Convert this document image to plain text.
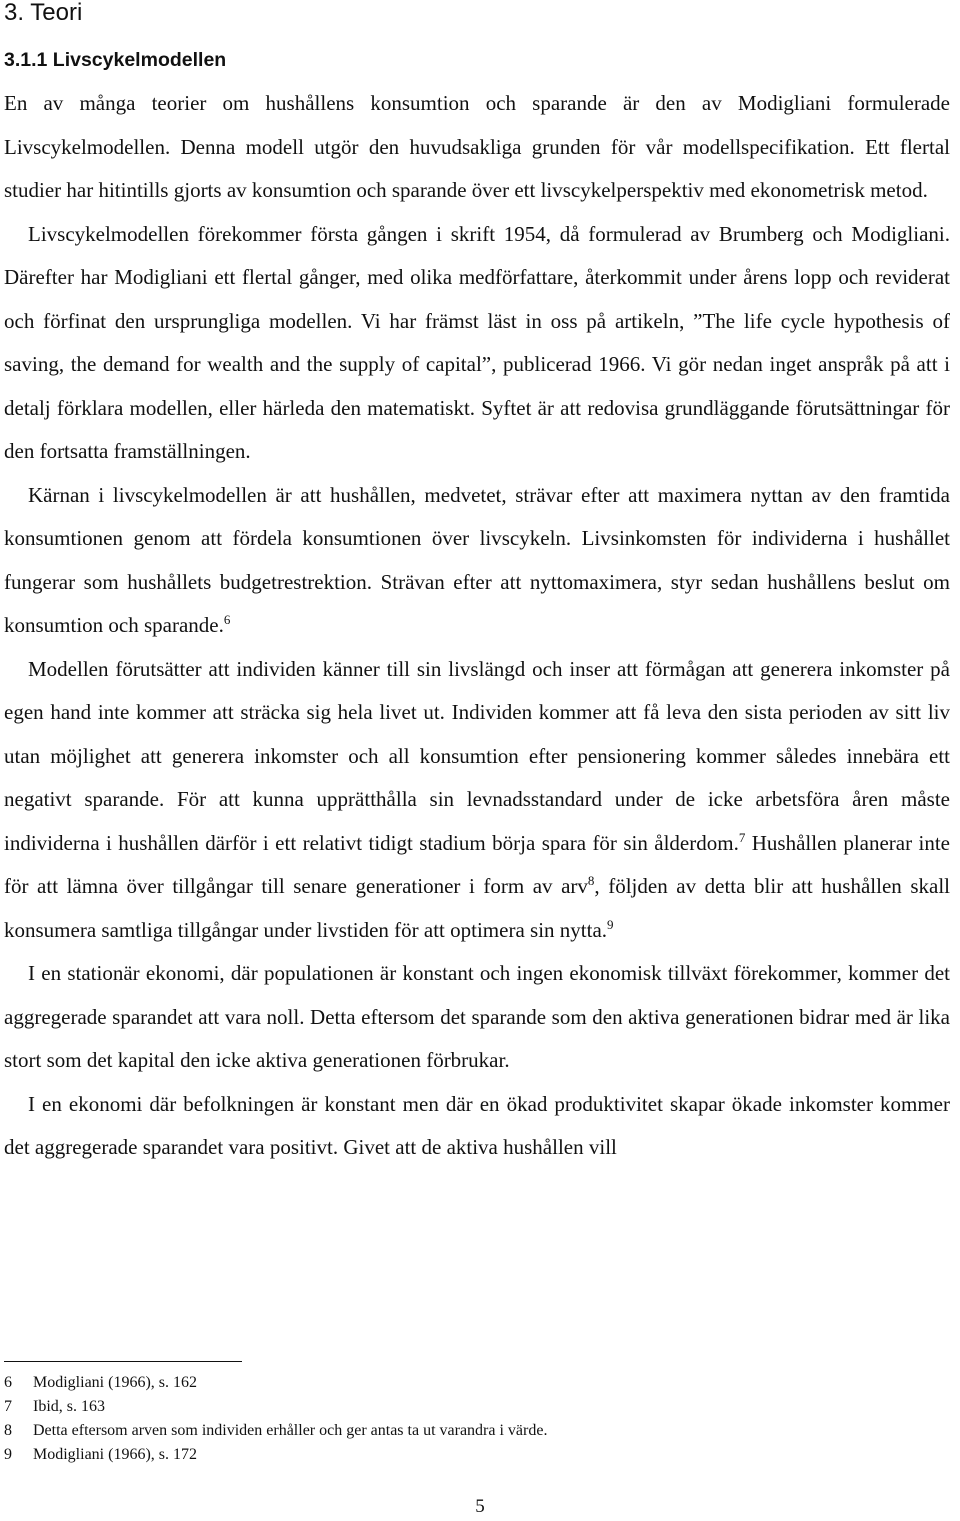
3. Teori
3.1.1 Livscykelmodellen

En av många teorier om hushållens konsumtion och sparande är den av Modigliani formulerade Livscykelmodellen. Denna modell utgör den huvudsakliga grunden för vår modellspecifikation. Ett flertal studier har hitintills gjorts av konsumtion och sparande över ett livscykelperspektiv med ekonometrisk metod.

Livscykelmodellen förekommer första gången i skrift 1954, då formulerad av Brumberg och Modigliani. Därefter har Modigliani ett flertal gånger, med olika medförfattare, återkommit under årens lopp och reviderat och förfinat den ursprungliga modellen. Vi har främst läst in oss på artikeln, ”The life cycle hypothesis of saving, the demand for wealth and the supply of capital”, publicerad 1966. Vi gör nedan inget anspråk på att i detalj förklara modellen, eller härleda den matematiskt. Syftet är att redovisa grundläggande förutsättningar för den fortsatta framställningen.

Kärnan i livscykelmodellen är att hushållen, medvetet, strävar efter att maximera nyttan av den framtida konsumtionen genom att fördela konsumtionen över livscykeln. Livsinkomsten för individerna i hushållet fungerar som hushållets budgetrestrektion. Strävan efter att nyttomaximera, styr sedan hushållens beslut om konsumtion och sparande.$^6$

Modellen förutsätter att individen känner till sin livslängd och inser att förmågan att generera inkomster på egen hand inte kommer att sträcka sig hela livet ut. Individen kommer att få leva den sista perioden av sitt liv utan möjlighet att generera inkomster och all konsumtion efter pensionering kommer således innebära ett negativt sparande. För att kunna upprätthålla sin levnadsstandard under de icke arbetsföra åren måste individerna i hushållen därför i ett relativt tidigt stadium börja spara för sin ålderdom.$^7$ Hushållen planerar inte för att lämna över tillgångar till senare generationer i form av arv$^8$, följden av detta blir att hushållen skall konsumera samtliga tillgångar under livstiden för att optimera sin nytta.$^9$

I en stationär ekonomi, där populationen är konstant och ingen ekonomisk tillväxt förekommer, kommer det aggregerade sparandet att vara noll. Detta eftersom det sparande som den aktiva generationen bidrar med är lika stort som det kapital den icke aktiva generationen förbrukar.

I en ekonomi där befolkningen är konstant men där en ökad produktivitet skapar ökade inkomster kommer det aggregerade sparandet vara positivt. Givet att de aktiva hushållen vill

6 Modigliani (1966), s. 162
7 Ibid, s. 163
8 Detta eftersom arven som individen erhåller och ger antas ta ut varandra i värde.
9 Modigliani (1966), s. 172
5
